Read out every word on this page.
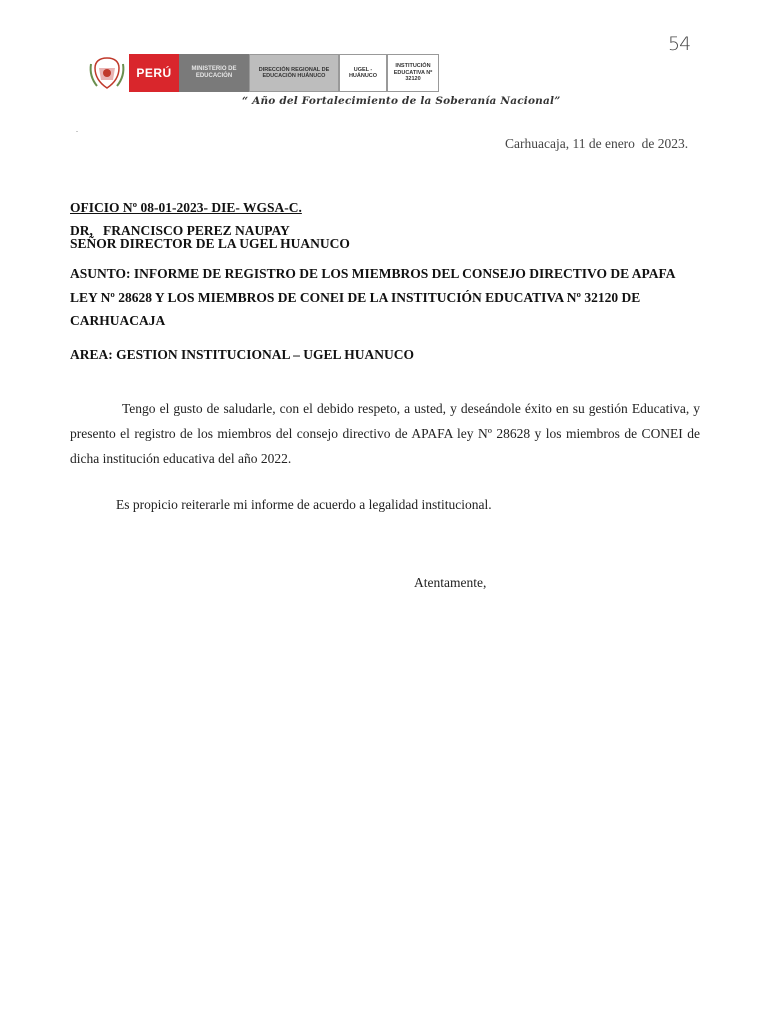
54
PERÚ	MINISTERIO DE EDUCACIÓN
DIRECCIÓN REGIONAL DE EDUCACIÓN HUÁNUCO
UGEL - HUÁNUCO
INSTITUCIÓN EDUCATIVA Nº 32120
“ Año del Fortalecimiento de la Soberanía Nacional”
.
Carhuacaja, 11 de enero  de 2023.
OFICIO Nº 08-01-2023- DIE- WGSA-C.
DR,   FRANCISCO PEREZ NAUPAY
SEÑOR DIRECTOR DE LA UGEL HUANUCO
ASUNTO: INFORME DE REGISTRO DE LOS MIEMBROS DEL CONSEJO DIRECTIVO DE APAFA LEY Nº 28628 Y LOS MIEMBROS DE CONEI DE LA INSTITUCIÓN EDUCATIVA Nº 32120 DE CARHUACAJA
AREA: GESTION INSTITUCIONAL – UGEL HUANUCO
Tengo el gusto de saludarle, con el debido respeto, a usted, y deseándole éxito en su gestión Educativa, y presento el registro de los miembros del consejo directivo de APAFA ley Nº 28628 y los miembros de CONEI de dicha institución educativa del año 2022.
Es propicio reiterarle mi informe de acuerdo a legalidad institucional.
Atentamente,
